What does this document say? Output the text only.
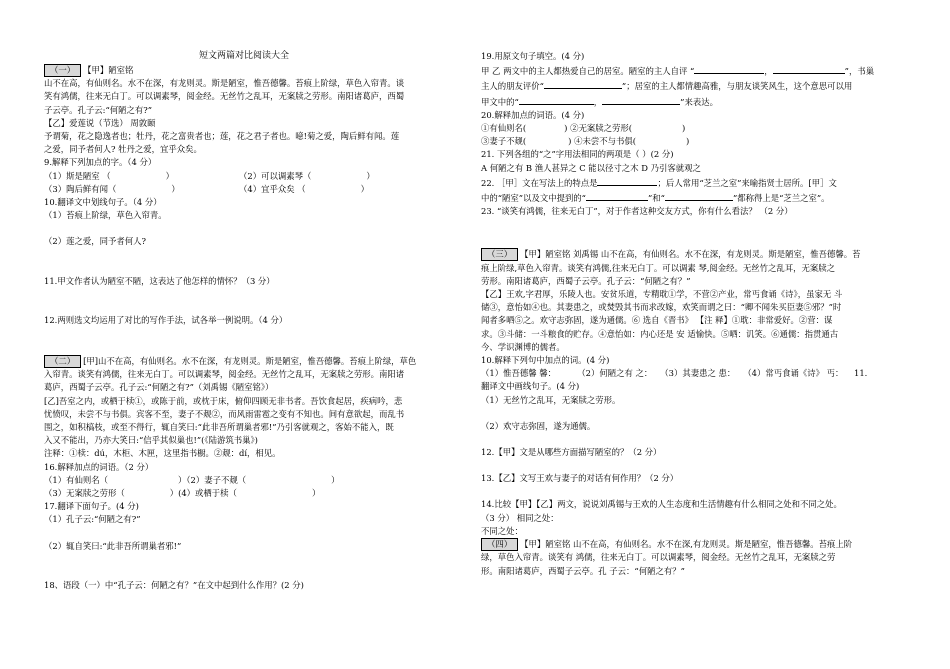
短文两篇对比阅读大全

（一） 【甲】陋室铭

山不在高，有仙则名。水不在深，有龙则灵。斯是陋室，惟吾德馨。苔痕上阶绿，草色入帘青。谈

笑有鸿儒，往来无白丁。可以调素琴，阅金经。无丝竹之乱耳，无案牍之劳形。南阳诸葛庐，西蜀

子云亭。孔子云:“何陋之有?”

【乙】爱莲说（节选） 周敦颐

予谓菊，花之隐逸者也；牡丹，花之富贵者也；莲，花之君子者也。噫!菊之爱，陶后鲜有闻。莲

之爱，同予者何人? 牡丹之爱，宜乎众矣。

9.解释下列加点的字。（4 分）

（1）斯是陋室 （	）	（2）可以调素琴（	）

（3）陶后鲜有闻（	）	（4）宜乎众矣 （	）

10.翻译文中划线句子。（4 分）

（1）苔痕上阶绿，草色入帘青。

（2）莲之爱，同予者何人?

11.甲文作者认为陋室不陋，这表达了他怎样的情怀？（3 分）

12.两则选文均运用了对比的写作手法，试各举一例说明。（4 分）

（二） [甲]山不在高，有仙则名。水不在深，有龙则灵。斯是陋室，惟吾德馨。苔痕上阶绿，草色

入帘青。谈笑有鸿儒，往来无白丁。可以调素琴，阅金经。无丝竹之乱耳，无案牍之劳形。南阳诸

葛庐，西蜀子云亭。孔子云:“何陋之有?”（刘禹锡《陋室铭》）

[乙]吾室之内，或栖于椟①，或陈于前，或枕于床，俯仰四顾无非书者。吾饮食起居，疾病吟，悲

忧愤叹，未尝不与书俱。宾客不至，妻子不觌②，而风雨雷雹之变有不知也。间有意欲起，而乱书

围之，如积槁枝，或至不得行，辄自笑曰:“此非吾所谓巢者邪!”乃引客就观之，客始不能入，既

入又不能出，乃亦大笑曰:“信乎其似巢也!”(《陆游筑书巢》)

注释：①椟：dú，木柜、木匣，这里指书橱。②觌：dí，相见。

16.解释加点的词语。（2 分）

（1）有仙则名（	）（2）妻子不觌（	）

（3）无案牍之劳形（	）(4）或栖于椟（	）

17.翻译下面句子。(4 分)

（1）孔子云:“何陋之有?”

（2）辄自笑曰:“此非吾所谓巢者邪!”

18、语段（一）中“孔子云：何陋之有？”在文中起到什么作用？(2 分)

19.用原文句子填空。(4 分)

甲 乙 两文中的主人都热爱自己的居室。陋室的主人自评 “	，	”，书巢

主人的朋友评价“	”；居室的主人都情趣高雅，与朋友谈笑风生，这个意思可以用

甲文中的“	，	”来表达。

20.解释加点的词语。(4 分)

①有仙则名(	) ②无案牍之劳形(	)

③妻子不觌(	) ④未尝不与书俱(	)

21. 下列各组的“之”字用法相同的两项是（ ）(2 分)

A 何陋之有 B 渔人甚异之 C 能以径寸之木 D 乃引客就观之

22. ［甲］文在写法上的特点是	；后人常用“芝兰之室”来喻指贤士居所。[甲］文

中的“陋室”以及文中提到的“	”和“	”都称得上是“芝兰之室”。

23. “谈笑有鸿儒，往来无白丁”，对于作者这种交友方式，你有什么看法？ （2 分）

（三） 【甲】陋室铭 刘禹锡 山不在高，有仙则名。水不在深，有龙则灵。斯是陋室，惟吾德馨。苔

痕上阶绿,草色入帘青。谈笑有鸿儒,往来无白丁。可以调素 琴,阅金经。无丝竹之乱耳，无案牍之

劳形。南阳诸葛庐，西蜀子云亭。孔子云：“何陋之有？”

【乙】王欢,字君厚，乐陵人也。安贫乐道，专精耽①学，不营②产业，常丐食诵《诗》，虽家无 斗

储③，意怡如④也。其妻患之，或焚毁其书而求改嫁，欢笑而谓之曰：“卿不闻朱买臣妻⑤邪？”时

闻者多哂⑤之。欢守志弥固，遂为通儒。⑥ 选自《晋书》 【注 释】①耽：非常爱好。②营：谋

求。③斗储：一斗粮食的贮存。④意怡如：内心还是 安 适愉快。⑤哂：讥笑。⑥通儒：指贯通古

今、学识渊博的儒者。

10.解释下列句中加点的词。(4 分)

（1）惟吾德馨 馨：        （2）何陋之有 之：   （3）其妻患之 患：   （4）常丐食诵《诗》 丐：    11.

翻译文中画线句子。(4 分)

（1）无丝竹之乱耳，无案牍之劳形。

（2）欢守志弥固，遂为通儒。

12.【甲】文是从哪些方面描写陋室的？（2 分）

13.【乙】文写王欢与妻子的对话有何作用？（2 分）

14.比较【甲】【乙】两文，说说刘禹锡与王欢的人生态度和生活情趣有什么相同之处和不同之处。

（3 分） 相同之处：

不同之处：

（四） 【甲】陋室铭 山不在高，有仙则名。水不在深,有龙则灵。斯是陋室，惟吾德馨。苔痕上阶

绿，草色入帘青。谈笑有 鸿儒，往来无白丁。可以调素琴，阅金经。无丝竹之乱耳，无案牍之劳

形。南阳诸葛庐，西蜀子云亭。孔 子云：“何陋之有？”
